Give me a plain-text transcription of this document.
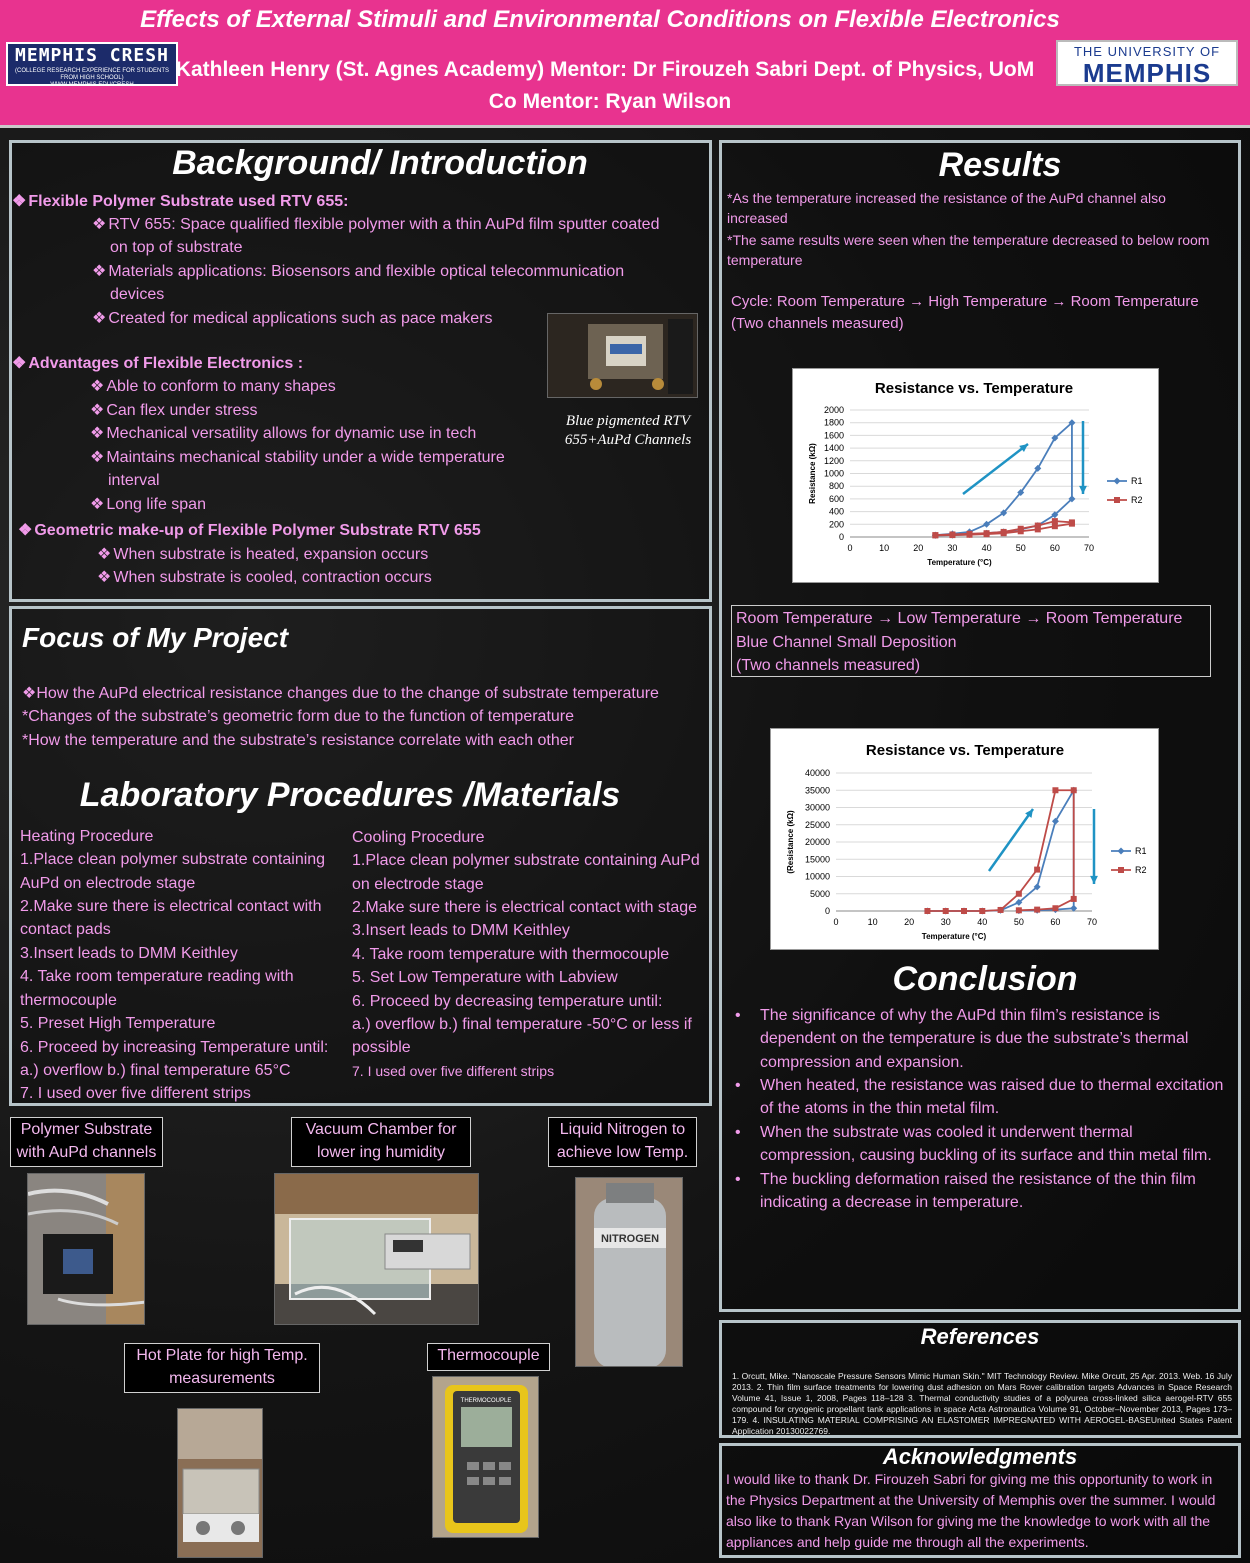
Effects of External Stimuli and Environmental Conditions on Flexible Electronics
MEMPHIS CRESH
(COLLEGE RESEARCH EXPERIENCE FOR STUDENTS FROM HIGH SCHOOL)
WWW.MEMPHIS.EDU/CRESH
Kathleen Henry (St. Agnes Academy) Mentor: Dr Firouzeh Sabri Dept. of Physics, UoM
Co Mentor: Ryan Wilson
THE UNIVERSITY OF
MEMPHIS
Background/ Introduction
❖ Flexible Polymer Substrate used RTV 655:
❖ RTV 655: Space qualified flexible polymer with a thin AuPd film sputter coated
on top of substrate
❖ Materials applications: Biosensors and flexible optical telecommunication
devices
❖ Created for medical applications such as pace makers
❖ Advantages of Flexible Electronics :
❖ Able to conform to many shapes
❖ Can flex under stress
❖ Mechanical versatility allows for dynamic use in tech
❖ Maintains mechanical stability under a wide temperature
interval
❖ Long life span
❖ Geometric make-up of Flexible Polymer Substrate RTV 655
❖ When substrate is heated, expansion occurs
❖ When substrate is cooled, contraction occurs
Blue pigmented RTV
655+AuPd Channels
Focus of My Project
❖How the AuPd electrical resistance changes due to the change of substrate temperature
*Changes of the substrate’s geometric form due to the function of temperature
*How the temperature and the substrate’s resistance correlate with each other
Laboratory Procedures /Materials
Heating Procedure
1.Place clean polymer substrate containing
AuPd on electrode stage
2.Make sure there is electrical contact with
contact pads
3.Insert leads to DMM Keithley
4. Take room temperature reading with
thermocouple
5. Preset High Temperature
6. Proceed by increasing Temperature until:
a.) overflow b.) final temperature 65°C
7. I used over five different strips
Cooling Procedure
1.Place clean polymer substrate containing AuPd
on electrode stage
2.Make sure there is electrical contact with stage
3.Insert leads to DMM Keithley
4. Take room temperature with thermocouple
5. Set Low Temperature with Labview
6. Proceed by decreasing temperature until:
a.) overflow b.) final temperature -50°C or less if
possible
7. I used over five different strips
Polymer Substrate
with AuPd channels
Vacuum Chamber for
lower ing humidity
Liquid Nitrogen to
achieve low Temp.
NITROGEN
Hot Plate for high Temp.
measurements
Thermocouple
THERMOCOUPLE
Results
*As the temperature increased the resistance of the AuPd channel also
increased
*The same results were seen when the temperature decreased to below room
temperature
Cycle: Room Temperature → High Temperature → Room Temperature
(Two channels measured)
Resistance vs. Temperature
0
200
400
600
800
1000
1200
1400
1600
1800
2000
0	10	20	30	40	50	60	70
Temperature (°C)
Resistance (kΩ)	R1
R2
Room Temperature → Low Temperature → Room Temperature
Blue Channel Small Deposition
(Two channels measured)
Resistance vs. Temperature
0
5000
10000
15000
20000
25000
30000
35000
40000
0	10	20	30	40	50	60	70
Temperature (°C)
(Resistance (kΩ)	R1
R2
Conclusion
• The significance of why the AuPd thin film’s resistance is
dependent on the temperature is due the substrate’s thermal
compression and expansion.
• When heated, the resistance was raised due to thermal excitation
of the atoms in the thin metal film.
• When the substrate was cooled it underwent thermal
compression, causing buckling of its surface and thin metal film.
• The buckling deformation raised the resistance of the thin film
indicating a decrease in temperature.
References
1. Orcutt, Mike. "Nanoscale Pressure Sensors Mimic Human Skin." MIT Technology Review. Mike Orcutt, 25 Apr. 2013. Web. 16 July 2013. 2. Thin film surface treatments for lowering dust adhesion on Mars Rover calibration targets Advances in Space Research Volume 41, Issue 1, 2008, Pages 118–128 3. Thermal conductivity studies of a polyurea cross-linked silica aerogel-RTV 655 compound for cryogenic propellant tank applications in space Acta Astronautica Volume 91, October–November 2013, Pages 173–179. 4. INSULATING MATERIAL COMPRISING AN ELASTOMER IMPREGNATED WITH AEROGEL-BASEUnited States Patent Application 20130022769.
Acknowledgments
I would like to thank Dr. Firouzeh Sabri for giving me this opportunity to work in
the Physics Department at the University of Memphis over the summer. I would
also like to thank Ryan Wilson for giving me the knowledge to work with all the
appliances and help guide me through all the experiments.
